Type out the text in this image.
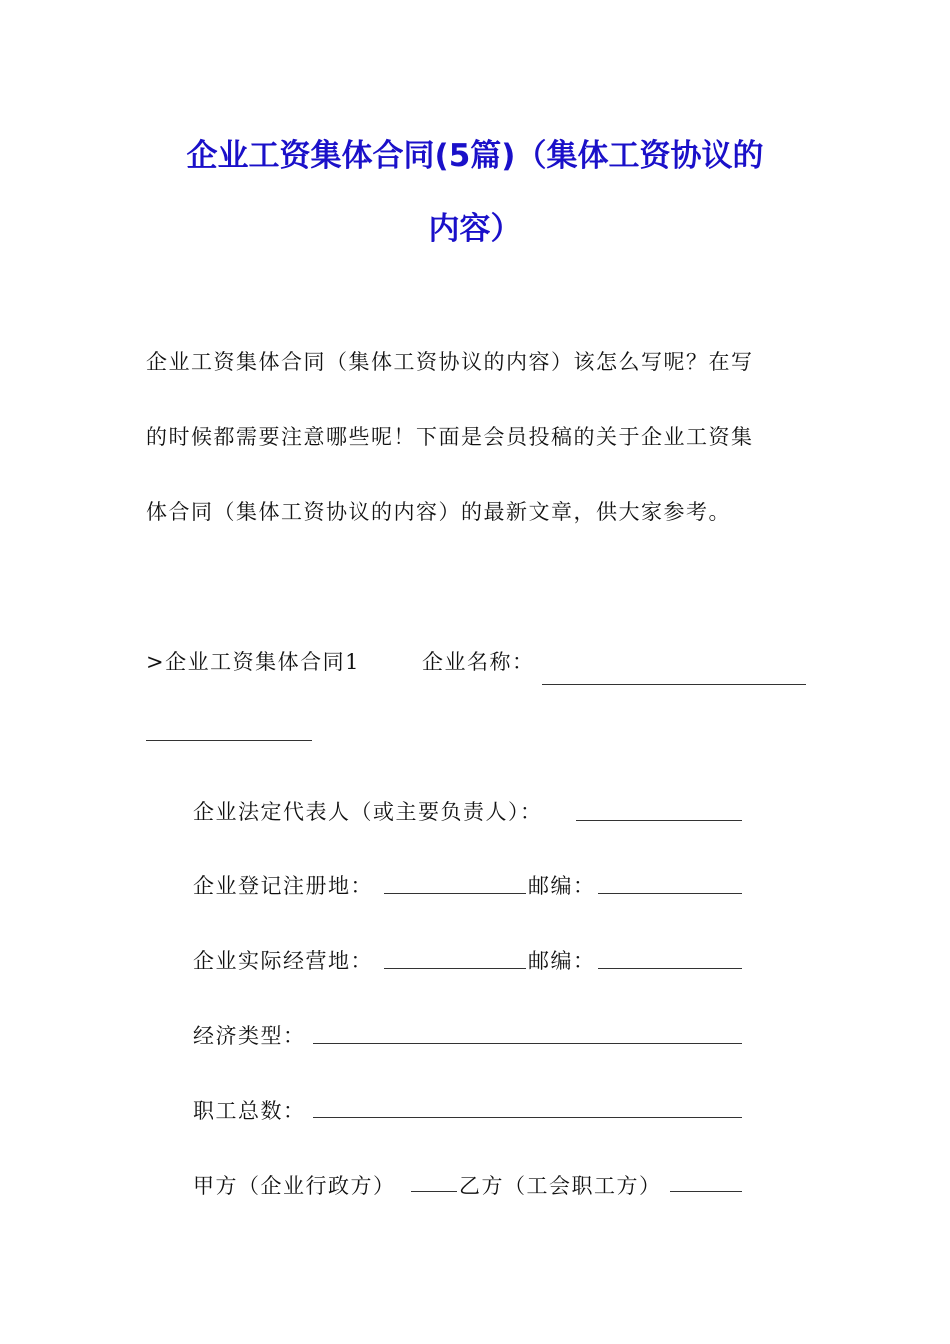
企业工资集体合同(5篇)（集体工资协议的
内容）
企业工资集体合同（集体工资协议的内容）该怎么写呢？在写
的时候都需要注意哪些呢！下面是会员投稿的关于企业工资集
体合同（集体工资协议的内容）的最新文章，供大家参考。
>企业工资集体合同1	企业名称：
企业法定代表人（或主要负责人）：
企业登记注册地：	邮编：
企业实际经营地：	邮编：
经济类型：
职工总数：
甲方（企业行政方）	乙方（工会职工方）
